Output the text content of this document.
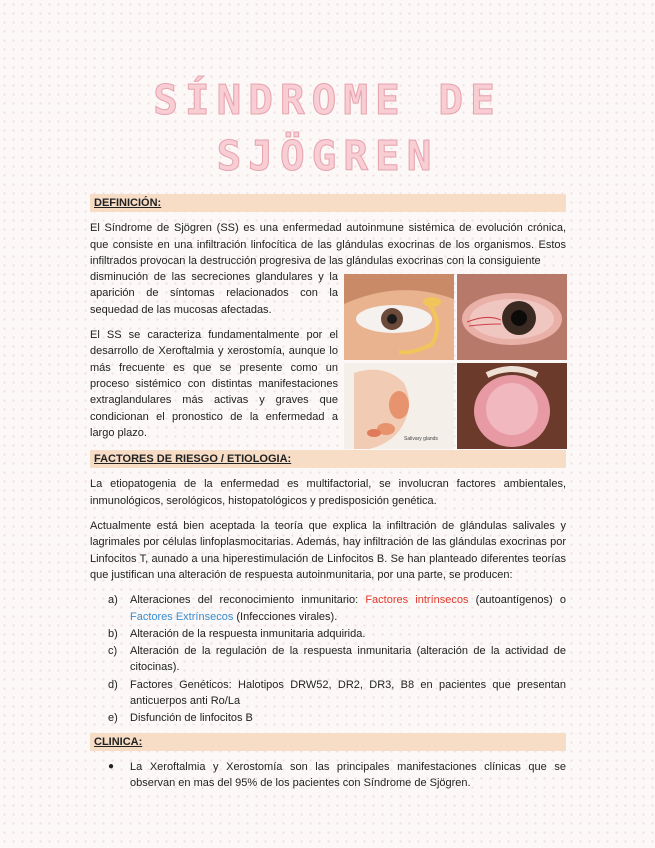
SÍNDROME DE
SJÖGREN
DEFINICIÓN:

El Síndrome de Sjögren (SS) es una enfermedad autoinmune sistémica de evolución crónica, que consiste en una infiltración linfocítica de las glándulas exocrinas de los organismos. Estos infiltrados provocan la destrucción progresiva de las glándulas exocrinas con la consiguiente

disminución de las secreciones glandulares y la aparición de síntomas relacionados con la sequedad de las mucosas afectadas.

El SS se caracteriza fundamentalmente por el desarrollo de Xeroftalmia y xerostomía, aunque lo más frecuente es que se presente como un proceso sistémico con distintas manifestaciones extraglandulares más activas y graves que condicionan el pronostico de la enfermedad a largo plazo.

Salivary glands
FACTORES DE RIESGO / ETIOLOGIA:

La etiopatogenia de la enfermedad es multifactorial, se involucran factores ambientales, inmunológicos, serológicos, histopatológicos y predisposición genética.

Actualmente está bien aceptada la teoría que explica la infiltración de glándulas salivales y lagrimales por células linfoplasmocitarias. Además, hay infiltración de las glándulas exocrinas por Linfocitos T, aunado a una hiperestimulación de Linfocitos B. Se han planteado diferentes teorías que justifican una alteración de respuesta autoinmunitaria, por una parte, se producen:

a) Alteraciones del reconocimiento inmunitario: Factores intrínsecos (autoantígenos) o Factores Extrínsecos (Infecciones virales).
b) Alteración de la respuesta inmunitaria adquirida.
c) Alteración de la regulación de la respuesta inmunitaria (alteración de la actividad de citocinas).
d) Factores Genéticos: Halotipos DRW52, DR2, DR3, B8 en pacientes que presentan anticuerpos anti Ro/La
e) Disfunción de linfocitos B
CLINICA:
● La Xeroftalmia y Xerostomía son las principales manifestaciones clínicas que se observan en mas del 95% de los pacientes con Síndrome de Sjögren.
